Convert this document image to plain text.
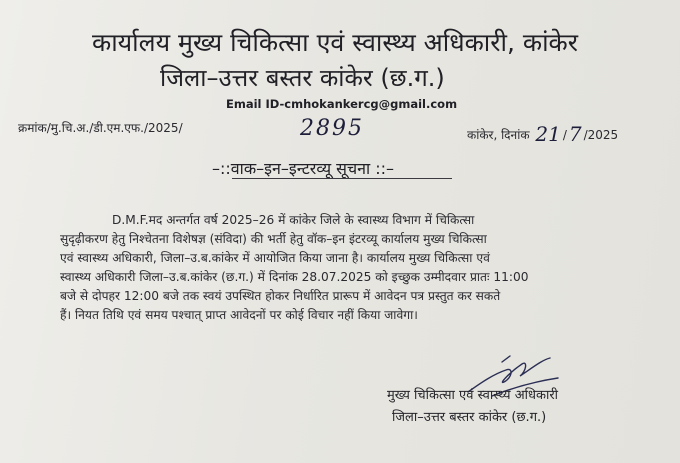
कार्यालय मुख्य चिकित्सा एवं स्वास्थ्य अधिकारी, कांकेर
जिला–उत्तर बस्तर कांकेर (छ.ग.)
Email ID-cmhokankercg@gmail.com
क्रमांक/मु.चि.अ./डी.एम.एफ./2025/	2895	कांकेर, दिनांक 21 / 7 /2025
–::वाक–इन–इन्टरव्यू सूचना ::–
D.M.F.मद अन्तर्गत वर्ष 2025–26 में कांकेर जिले के स्वास्थ्य विभाग में चिकित्सा
सुदृढ़ीकरण हेतु निश्चेतना विशेषज्ञ (संविदा) की भर्ती हेतु वॉक–इन इंटरव्यू कार्यालय मुख्य चिकित्सा
एवं स्वास्थ्य अधिकारी, जिला–उ.ब.कांकेर में आयोजित किया जाना है। कार्यालय मुख्य चिकित्सा एवं
स्वास्थ्य अधिकारी जिला–उ.ब.कांकेर (छ.ग.) में दिनांक 28.07.2025 को इच्छुक उम्मीदवार प्रातः 11:00
बजे से दोपहर 12:00 बजे तक स्वयं उपस्थित होकर निर्धारित प्रारूप में आवेदन पत्र प्रस्तुत कर सकते
हैं। नियत तिथि एवं समय पश्चात् प्राप्त आवेदनों पर कोई विचार नहीं किया जावेगा।
मुख्य चिकित्सा एवं स्वास्थ्य अधिकारी
जिला–उत्तर बस्तर कांकेर (छ.ग.)
